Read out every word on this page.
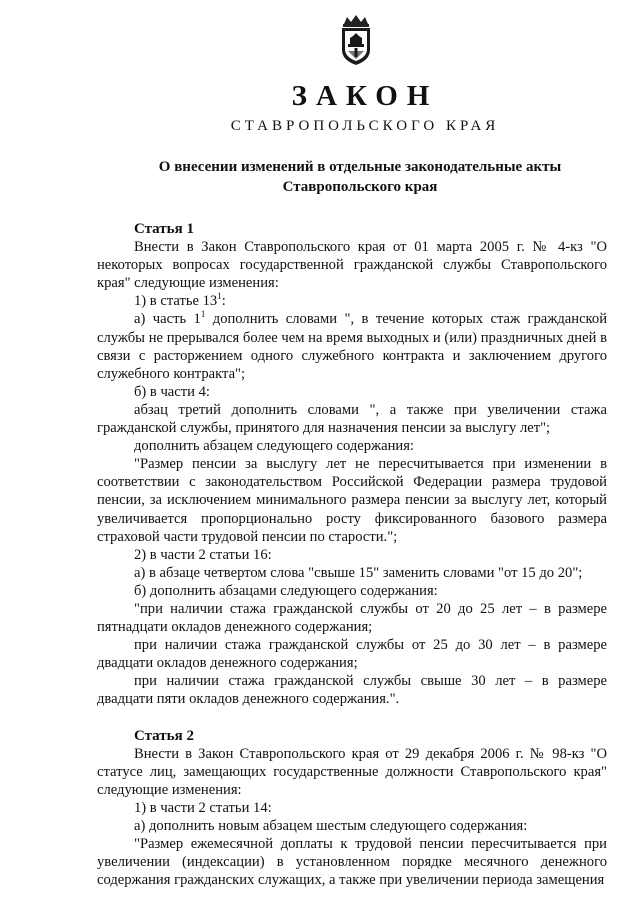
ЗАКОН
СТАВРОПОЛЬСКОГО КРАЯ
О внесении изменений в отдельные законодательные акты
Ставропольского края

Статья 1

Внести в Закон Ставропольского края от 01 марта 2005 г. № 4-кз "О некоторых вопросах государственной гражданской службы Ставропольского края" следующие изменения:

1) в статье $13^1$:

а) часть $1^1$ дополнить словами ", в течение которых стаж гражданской службы не прерывался более чем на время выходных и (или) праздничных дней в связи с расторжением одного служебного контракта и заключением другого служебного контракта";

б) в части 4:

абзац третий дополнить словами ", а также при увеличении стажа гражданской службы, принятого для назначения пенсии за выслугу лет";

дополнить абзацем следующего содержания:

"Размер пенсии за выслугу лет не пересчитывается при изменении в соответствии с законодательством Российской Федерации размера трудовой пенсии, за исключением минимального размера пенсии за выслугу лет, который увеличивается пропорционально росту фиксированного базового размера страховой части трудовой пенсии по старости.";

2) в части 2 статьи 16:

а) в абзаце четвертом слова "свыше 15" заменить словами "от 15 до 20";

б) дополнить абзацами следующего содержания:

"при наличии стажа гражданской службы от 20 до 25 лет – в размере пятнадцати окладов денежного содержания;

при наличии стажа гражданской службы от 25 до 30 лет – в размере двадцати окладов денежного содержания;

при наличии стажа гражданской службы свыше 30 лет – в размере двадцати пяти окладов денежного содержания.".

Статья 2

Внести в Закон Ставропольского края от 29 декабря 2006 г. № 98-кз "О статусе лиц, замещающих государственные должности Ставропольского края" следующие изменения:

1) в части 2 статьи 14:

а) дополнить новым абзацем шестым следующего содержания:

"Размер ежемесячной доплаты к трудовой пенсии пересчитывается при увеличении (индексации) в установленном порядке месячного денежного содержания гражданских служащих, а также при увеличении периода замещения
